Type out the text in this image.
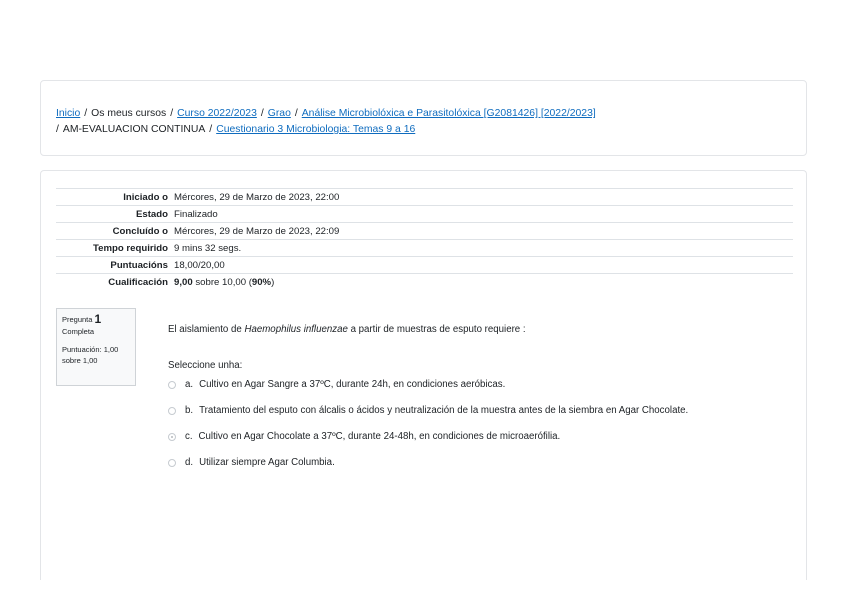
Inicio / Os meus cursos / Curso 2022/2023 / Grao / Análise Microbiolóxica e Parasitolóxica [G2081426] [2022/2023]
/ AM-EVALUACION CONTINUA / Cuestionario 3 Microbiologia: Temas 9 a 16
Iniciado o	Mércores, 29 de Marzo de 2023, 22:00
Estado	Finalizado
Concluído o	Mércores, 29 de Marzo de 2023, 22:09
Tempo requirido	9 mins 32 segs.
Puntuacións	18,00/20,00
Cualificación	9,00 sobre 10,00 (90%)
Pregunta 1
Completa
Puntuación: 1,00 sobre 1,00
El aislamiento de Haemophilus influenzae a partir de muestras de esputo requiere :
Seleccione unha:
a. Cultivo en Agar Sangre a 37ºC, durante 24h, en condiciones aeróbicas.
b. Tratamiento del esputo con álcalis o ácidos y neutralización de la muestra antes de la siembra en Agar Chocolate.
c. Cultivo en Agar Chocolate a 37ºC, durante 24-48h, en condiciones de microaerófilia.
d. Utilizar siempre Agar Columbia.
